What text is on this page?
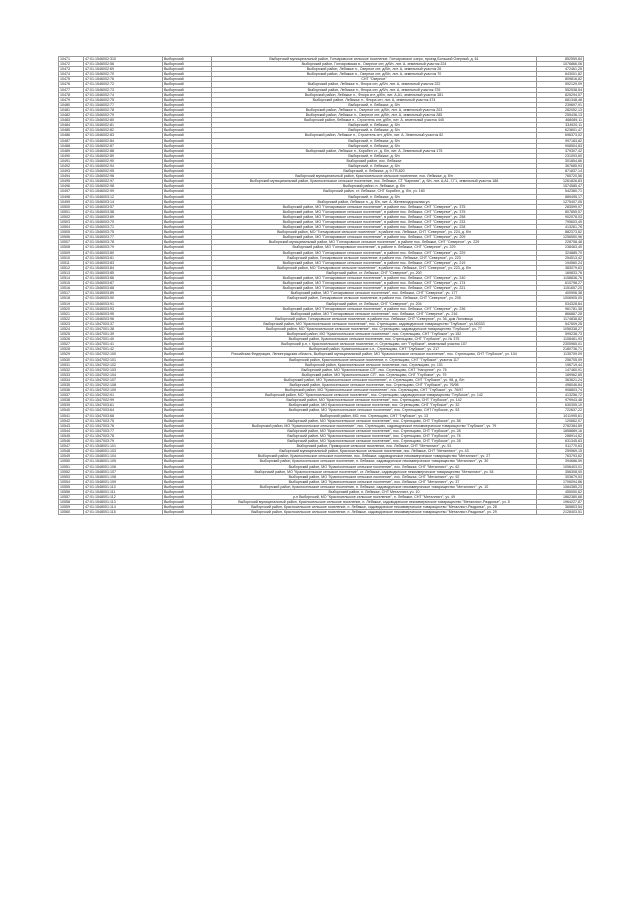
10471	47:01:1546002:310	Выборгский	Выборгский муниципальный район, Гончаровское сельское поселение, Гончаровское озеро, проезд Большой Озерный, д. 61	852559,84
10472	47:01:1546002:56	Выборгский	Выборгский район, Гончаровская в., Озерное снт, д/б/н, лит. А, земельный участок 224	1076866,06
10473	47:01:1546002:69	Выборгский	Выборгский район, Лебяжье п., Озерное снт, д/б/н, лит. А, земельный участок 26	472461,25
10474	47:01:1546002:70	Выборгский	Выборгский район, Лебяжье п., Озерное снт, д/б/н, лит. А, земельный участок 70	643001,82
10475	47:01:1546002:76	Выборгский	СНТ "Озерное"	809816,82
10476	47:01:1546002:72	Выборгский	Выборгский район, Лебяжье п., Флора снт, д/б/н, лит. А, земельный участок 222	592129,09
10477	47:01:1546002:73	Выборгский	Выборгский район, Лебяжье п., Флора снт, д/б/н, лит. А, земельный участок 376	552538,54
10478	47:01:1546002:74	Выборгский	Выборгский район, Лебяжье п., Флора снт, д/б/н, лит. А,А1, земельный участок 381	825294,57
10479	47:01:1546002:75	Выборгский	Выборгский район, Лебяжье п., Флора снт, лит. А, земельный участок 474	681348,48
10480	47:01:1546002:77	Выборгский	Выборгский, п. Лебяжье, д. б/н	239697,91
10481	47:01:1546002:78	Выборгский	Выборгский район, Лебяжье п., Озерное снт, д/б/н, лит. А, земельный участок 203	282052,13
10482	47:01:1546002:79	Выборгский	Выборгский район, Лебяжье п., Озерное снт, д/б/н, лит. А, земельный участок 285	255436,13
10483	47:01:1546002:80	Выборгский	Выборгский район, Лебяжье п., Строитель снт, д/б/н, лит. А, земельный участок 445	468089,11
10484	47:01:1546002:81	Выборгский	Выборгский, п. Лебяжье, д. б/н	334920,11
10485	47:01:1546002:82	Выборгский	Выборгский, п. Лебяжье, д. б/н	623601,47
10486	47:01:1546002:83	Выборгский	Выборгский район, Лебяжье п., Строитель снт, д/б/н, лит. А, Земельный участок 82	696373,02
10487	47:01:1546002:84	Выборгский	Выборгский, п. Лебяжье, д. б/н	997183,82
10488	47:01:1546002:87	Выборгский	Выборгский, п. Лебяжье, д. б/н	908504,83
10489	47:01:1546002:88	Выборгский	Выборгский район, Лебяжье п., Корабел ст., д. б/н, лит. А, Земельный участок 175	379307,42
10490	47:01:1546002:89	Выборгский	Выборгский, п. Лебяжье, д. б/н	231093,60
10491	47:01:1546002:90	Выборгский	Выборгский район, пос. Лебяжье	301854,66
10492	47:01:1546002:94	Выборгский	Выборгский, п. Лебяжье, д. б/н	367685,93
10493	47:01:1546002:95	Выборгский	Выборгский, п. Лебяжье, д. 9-ТЯ-820	871837,14
10494	47:01:1546002:96	Выборгский	Выборгский муниципальный район, Красносельское сельское поселение, пос. Лебяжье, д. б/н	765720,56
10495	47:01:1546002:97	Выборгский	Выборгский муниципальный район, Красносельское сельское поселение, пос. Лебяжье, СТ "Карелия", д. б/н, лит. А,А1, Г,Г1, земельный участок 186	1261826,83
10496	47:01:1546002:98	Выборгский	Выборгский район, п. Лебяжье, д. б/н	1574585,47
10497	47:01:1546002:99	Выборгский	Выборгский район, ст. Лебяжье, СНТ Корабел, д. б/н, уч. 180	542380,71
10498	47:01:1546003:12	Выборгский	Выборгский, п. Лебяжье, д. б/н	889495,17
10499	47:01:1546003:14	Выборгский	Выборгский район, Лебяжье п., д. б/н, лит. А, Железнодорожная ул.	1275407,05
10500	47:01:1546003:57	Выборгский	Выборгский район, МО "Гончаровское сельское поселение", в районе пос. Лебяжье, СНТ "Северное", уч. 375	283599,97
10501	47:01:1546003:58	Выборгский	Выборгский район, МО "Гончаровское сельское поселение", в районе пос. Лебяжье, СНТ "Северное", уч. 375	807855,57
10502	47:01:1546003:69	Выборгский	Выборгский район, МО "Гончаровское сельское поселение", в районе пос. Лебяжье, СНТ "Северное", уч. 258	902078,03
10503	47:01:1546003:70	Выборгский	Выборгский район, МО "Гончаровское сельское поселение", в районе пос. Лебяжье, СНТ "Северное", уч. 233	795603,49
10504	47:01:1546003:71	Выборгский	Выборгский район, МО "Гончаровское сельское поселение", в районе пос. Лебяжье, СНТ "Северное", уч. 228	413261,76
10505	47:01:1546003:75	Выборгский	Выборгский район, МО "Гончаровское сельское поселение", в районе пос. Лебяжье, СНТ "Северное", уч. 224, д. б/н	882373,62
10506	47:01:1546003:77	Выборгский	Выборгский район, МО "Гончаровское сельское поселение", в районе пос. Лебяжье, СНТ "Северное", уч. 209	1256550,96
10507	47:01:1546003:78	Выборгский	Выборгский муниципальный район, МО "Гончаровское сельское поселение", в районе пос. Лебяжье, СНТ "Северное", уч. 229	228758,48
10508	47:01:1546003:79	Выборгский	Выборгский район, МО "Гончаровское поселение", в районе п. Лебяжье, СНТ "Северное", уч. 229	238463,40
10509	47:01:1546003:80	Выборгский	Выборгский район, МО "Гончаровское сельское поселение", в районе пос. Лебяжье, СНТ "Северное", уч. 229	324885,70
10510	47:01:1546003:81	Выборгский	Выборгский район, Гончаровское сельское поселение, в районе пос. Лебяжье, СНТ "Северное", уч. 223	254513,42
10511	47:01:1546003:83	Выборгский	Выборгский район, МО "Гончаровское сельское поселение", в районе пос. Лебяжье, СНТ "Северное", уч. 219	194560,24
10512	47:01:1546003:84	Выборгский	Выборгский район, МО "Гончаровское сельское поселение", в районе пос. Лебяжье, СНТ "Северное", уч. 223, д. б/н	383079,63
10513	47:01:1546003:85	Выборгский	Выборгский район, ст. Лебяжье, СНТ "Северное", уч. 200	169833,76
10514	47:01:1546003:86	Выборгский	Выборгский район, МО "Гончаровское сельское поселение", в районе пос. Лебяжье, СНТ "Северное", уч. 240	1158836,76
10515	47:01:1546003:87	Выборгский	Выборгский район, МО "Гончаровское сельское поселение", в районе пос. Лебяжье, СНТ "Северное", уч. 174	610798,27
10516	47:01:1546003:88	Выборгский	Выборгский район, МО "Гончаровское сельское поселение", в районе пос. Лебяжье, СНТ "Северное", уч. 221	1151657,20
10517	47:01:1546003:89	Выборгский	Выборгский район, МО "Гончаровское сельское поселение", пос. Лебяжье, СНТ "Северное", уч. 177	400906,38
10518	47:01:1546003:90	Выборгский	Выборгский район, Гончаровское сельское поселение, в районе пос. Лебяжье, СНТ "Северное", уч. 205	1006905,05
10519	47:01:1546003:91	Выборгский	Выборгский район, ст. Лебяжье, СНТ "Северное", уч. 204	534328,84
10520	47:01:1546003:93	Выборгский	Выборгский район, МО "Гончаровское сельское поселение", в районе пос. Лебяжье, СНТ "Северное", уч. 236	961781,38
10521	47:01:1546003:95	Выборгский	Выборгский район, МО "Гончаровское сельское поселение", пос. Лебяжье, СНТ "Северное", уч. 216	866867,28
10522	47:01:1546003:96	Выборгский	Выборгский район, Гончаровское сельское поселение, в районе пос. Лебяжье, СНТ "Северное", уч. 36, дом Лиловица	1174838,82
10523	47:01:1547003:37	Выборгский	Выборгский район, МО "Красносельское сельское поселение", пос. Стрельцово, садоводческое товарищество "Глубокое", уч.N0333	547609,28
10524	47:01:1547001:38	Выборгский	Выборгский район, МО "Красносельское сельское поселение", пос. Стрельцово, садоводческое товарищество "Глубокое", уч. 77	1056338,27
10525	47:01:1547001:39	Выборгский	Выборгский район, МО "Красносельское сельское поселение", пос. Стрельцово, СНТ "Глубокое", уч.152	599238,73
10526	47:01:1547001:40	Выборгский	Выборгский район, Красносельское сельское поселение, пос. Стрельцово, СНТ "Глубокое", уч. № 375	1108461,93
10527	47:01:1547001:41	Выборгский	Выборгский р-н, г. Красносельское сельское поселение, п. Стрельцово, снт "Глубокое", земельный участок 107	2305965,01
10528	47:01:1547001:42	Выборгский	Выборгский район, Красносельское с.п., Стрельцово, СНТ "Глубокое", уч. 217	2180736,71
10529	47:01:1547002:100	Выборгский	Российская Федерация, Ленинградская область, Выборгский муниципальный район, МО "Красносельское сельское поселение", пос. Стрельцово, СНТ "Глубокое", уч. 104	1135709,09
10530	47:01:1547002:101	Выборгский	Выборгский район, Красносельское сельское поселение, п. Стрельцово, СНТ "Глубокое", участок 117	256705,09
10531	47:01:1547002:102	Выборгский	Выборгский район, Красносельское сельское поселение, пос. Стрельцово, уч. 101	196719,44
10532	47:01:1547002:103	Выборгский	Выборгский район, МО "Красносельское СП", пос. Стрельцово, СНТ "Нагорное", уч. 76	147460,91
10533	47:01:1547002:104	Выборгский	Выборгский район, МО "Красносельское СП", пос. Стрельцово, СНТ "Глубокое", уч. 79	189962,65
10534	47:01:1547002:107	Выборгский	Выборгский район, МО "Красносельское сельское поселение", п. Стрельцово, СНТ "Глубокое", уч. 98, д. б/н	363621,24
10535	47:01:1547002:108	Выборгский	Выборгский район, Красносельское сельское поселение, пос. Стрельцово, СНТ "Глубокое", уч. 76/98	498046,84
10536	47:01:1547002:109	Выборгский	Выборгский район, МО "Красносельское сельское поселение", пос. Стрельцово, СНТ "Глубокое", уч. 76/97	908803,74
10537	47:01:1547002:91	Выборгский	Выборгский район, МО "Красносельское сельское поселение", пос. Стрельцово, садоводческое товарищество "Глубокое", уч. 142	413256,72
10538	47:01:1547002:99	Выборгский	Выборгский район, МО "Красносельское сельское поселение", пос. Стрельцово, СНТ "Глубокое", уч. 142	979943,48
10539	47:01:1547003:61	Выборгский	Выборгский район, МО Красносельское сельское поселение, пос. Стрельцово, СНТ "Глубокое", уч. 32	630305,10
10540	47:01:1547003:64	Выборгский	Выборгский район, МО "Красносельское сельское поселение", пос. Стрельцово, СНТ Глубокое, уч. 53	722637,22
10541	47:01:1547003:68	Выборгский	Выборгский район, МО, пос. Стрельцово, СНТ "Глубокое", уч. 13	1011995,61
10542	47:01:1547003:75	Выборгский	Выборгский район, МО "Красносельское сельское поселение", пос. Стрельцово, СНТ "Глубокое", уч. 58	120662,07
10543	47:01:1547003:76	Выборгский	Выборгский район, МО "Красносельское сельское поселение", пос. Стрельцово, садоводческое некоммерческое товарищество "Глубокое", уч. 79	2782384,89
10544	47:01:1547003:77	Выборгский	Выборгский район, МО "Красносельское сельское поселение", пос. Стрельцово, СНТ "Глубокое", уч. 28	1858889,16
10545	47:01:1547003:78	Выборгский	Выборгский район, МО "Красносельское сельское поселение", пос. Стрельцово, СНТ "Глубокое", уч. 76	288914,62
10546	47:01:1547003:79	Выборгский	Выборгский район, МО "Красносельское сельское поселение", пос. Стрельцово, СНТ "Глубокое", уч. 28	631345,63
10547	47:01:1548001:101	Выборгский	Выборгский район, Приморское сельское поселение, пос. Лебяжье, СНТ "Металлист", уч. 51	511770,63
10548	47:01:1548001:103	Выборгский	Выборгский муниципальный район, Красносельское сельское поселение, пос. Лебяжье, СНТ "Металлист", уч. 43	259569,15
10549	47:01:1548001:104	Выборгский	Выборгский район, Красносельское сельское поселение, пос. Лебяжье, садоводческое некоммерческое товарищество "Металлист", уч. 27	763793,62
10550	47:01:1548001:105	Выборгский	Выборгский район, Красносельское сельское поселение, п. Лебяжье, садоводческое некоммерческое товарищество "Металлист", уч. 30	394686,59
10551	47:01:1548001:106	Выборгский	Выборгский район, МО "Красносельское сельское поселение", пос. Лебяжье, СНТ "Металлист", уч. 62	1056403,01
10552	47:01:1548001:107	Выборгский	Выборгский район, МО "Красносельское сельское поселение", ст. Лебяжье, садоводческое некоммерческое товарищество "Металлист", уч. 54	356308,00
10553	47:01:1548001:108	Выборгский	Выборгский район, МО "Красносельское сельское поселение", пос. Лебяжье, СНТ "Металлист", уч. 92	303679,53
10554	47:01:1548001:109	Выборгский	Выборгский район, МО "Красносельское сельское поселение", пос. Лебяжье, СНТ "Металлист", уч. 37	1706094,86
10555	47:01:1548001:110	Выборгский	Выборгский район, Красносельское сельское поселение, п. Лебяжье, садоводческое некоммерческое товарищество "Металлист", уч. 10	1084385,23
10556	47:01:1548001:111	Выборгский	Выборгский район, п. Лебяжье, СНТ Металлист, уч. 10	455050,62
10557	47:01:1548001:112	Выборгский	р-н Выборгский, МО "Красносельское сельское поселение", п. Лебяжье, СНТ "Металлист", уч. 49	1862380,68
10558	47:01:1548001:113	Выборгский	Выборгский муниципальный район, Красносельское сельское поселение, п. Лебяжье, садоводческое некоммерческое товарищество "Металлист-Раздолье", уч. 5	1964227,87
10559	47:01:1548001:114	Выборгский	Выборгский район, Красносельское сельское поселение, п. Лебяжье, садоводческое некоммерческое товарищество "Металлист-Раздолье", уч. 28	365803,54
10560	47:01:1548001:115	Выборгский	Выборгский район, Красносельское сельское поселение, п. Лебяжье, садоводческое некоммерческое товарищество "Металлист-Раздолье", уч. 29	2128403,51
